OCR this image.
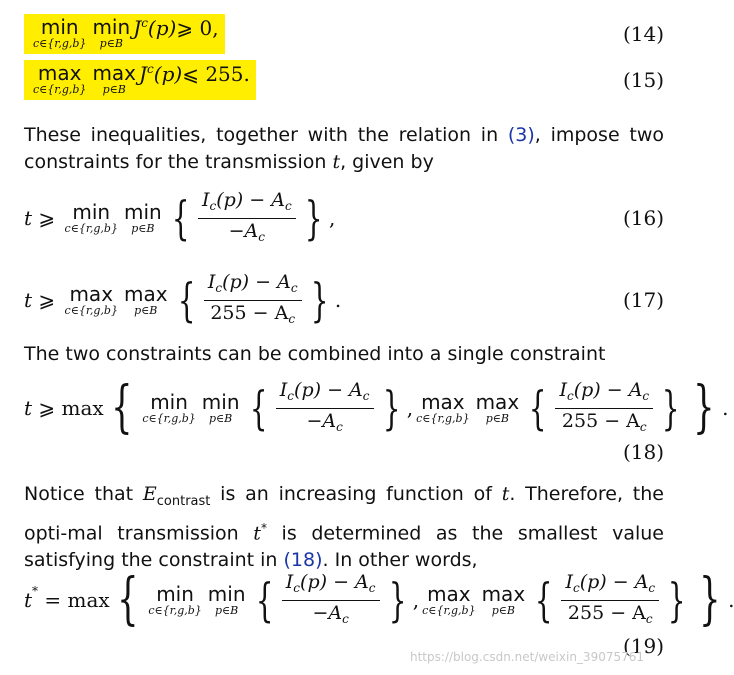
min
c∈{r,g,b}
min
p∈B
J c (p) ⩾
0,	(14)
max
c∈{r,g,b}
max
p∈B
J c (p) ⩽
255.	(15)
These inequalities, together with the relation in (3), impose two constraints for the transmission t, given by
t
⩾
min
c∈{r,g,b}
min
p∈B { $\frac{I_c(p) - A_c}{-A_c}$ } ,	(16)
t
⩾
max
c∈{r,g,b}
max
p∈B { $\frac{I_c(p) - A_c}{255 - A_c}$ } .	(17)
The two constraints can be combined into a single constraint
t
⩾
max { min
c∈{r,g,b}
min
p∈B { $\frac{I_c(p) - A_c}{-A_c}$ } , max
c∈{r,g,b}
max
p∈B { $\frac{I_c(p) - A_c}{255 - A_c}$ } } .
(18)
Notice that $E_{contrast}$ is an increasing function of t. Therefore, the opti-mal transmission t* is determined as the smallest value satisfying the constraint in (18). In other words,
t*
=
max { min
c∈{r,g,b}
min
p∈B { $\frac{I_c(p) - A_c}{-A_c}$ } , max
c∈{r,g,b}
max
p∈B { $\frac{I_c(p) - A_c}{255 - A_c}$ } } .
(19)
https://blog.csdn.net/weixin_39075761
